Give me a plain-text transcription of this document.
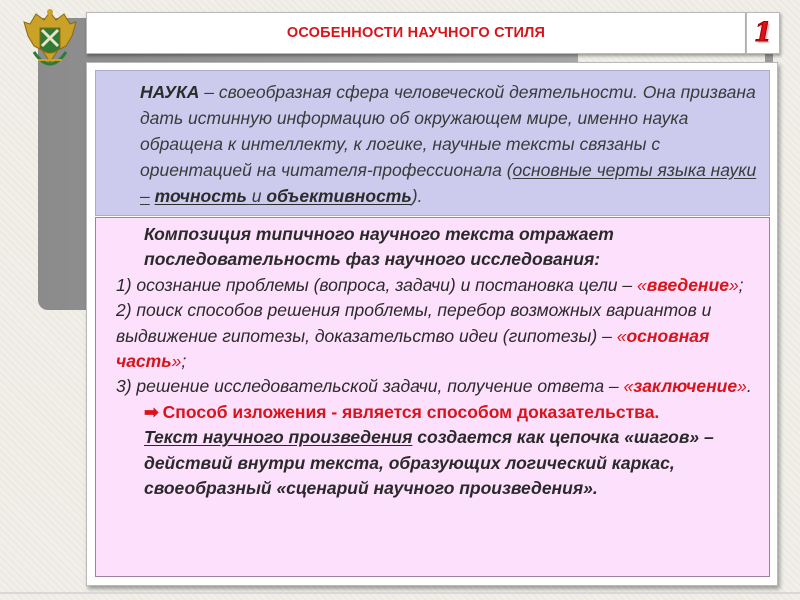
ОСОБЕННОСТИ НАУЧНОГО СТИЛЯ	1
НАУКА – своеобразная сфера человеческой деятельности. Она призвана дать истинную информацию об окружающем мире, именно наука обращена к интеллекту, к логике, научные тексты связаны с ориентацией на читателя-профессионала (основные черты языка науки – точность и объективность).
Композиция типичного научного текста отражает последовательность фаз научного исследования:
1) осознание проблемы (вопроса, задачи) и постановка цели – «введение»;
2) поиск способов решения проблемы, перебор возможных вариантов и выдвижение гипотезы, доказательство идеи (гипотезы) – «основная часть»;
3) решение исследовательской задачи, получение ответа – «заключение».
➡ Способ изложения - является способом доказательства.
Текст научного произведения создается как цепочка «шагов» – действий внутри текста, образующих логический каркас, своеобразный «сценарий научного произведения».
